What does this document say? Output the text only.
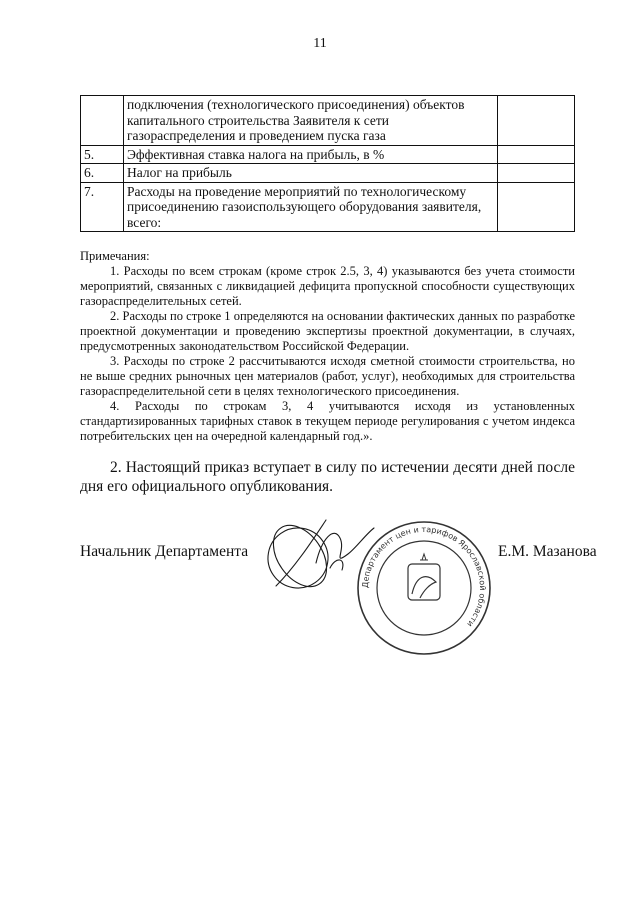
11
	подключения (технологического присоединения) объектов капитального строительства Заявителя к сети газораспределения и проведением пуска газа	
5.	Эффективная ставка налога на прибыль, в %	
6.	Налог на прибыль	
7.	Расходы на проведение мероприятий по технологическому присоединению газоиспользующего оборудования заявителя, всего:	

Примечания:

1. Расходы по всем строкам (кроме строк 2.5, 3, 4) указываются без учета стоимости мероприятий, связанных с ликвидацией дефицита пропускной способности существующих газораспределительных сетей.

2. Расходы по строке 1 определяются на основании фактических данных по разработке проектной документации и проведению экспертизы проектной документации, в случаях, предусмотренных законодательством Российской Федерации.

3. Расходы по строке 2 рассчитываются исходя сметной стоимости строительства, но не выше средних рыночных цен материалов (работ, услуг), необходимых для строительства газораспределительной сети в целях технологического присоединения.

4. Расходы по строкам 3, 4 учитываются исходя из установленных стандартизированных тарифных ставок в текущем периоде регулирования с учетом индекса потребительских цен на очередной календарный год.».

2. Настоящий приказ вступает в силу по истечении десяти дней после дня его официального опубликования.

Начальник Департамента
Департамент цен и тарифов Ярославской области
Е.М. Мазанова
